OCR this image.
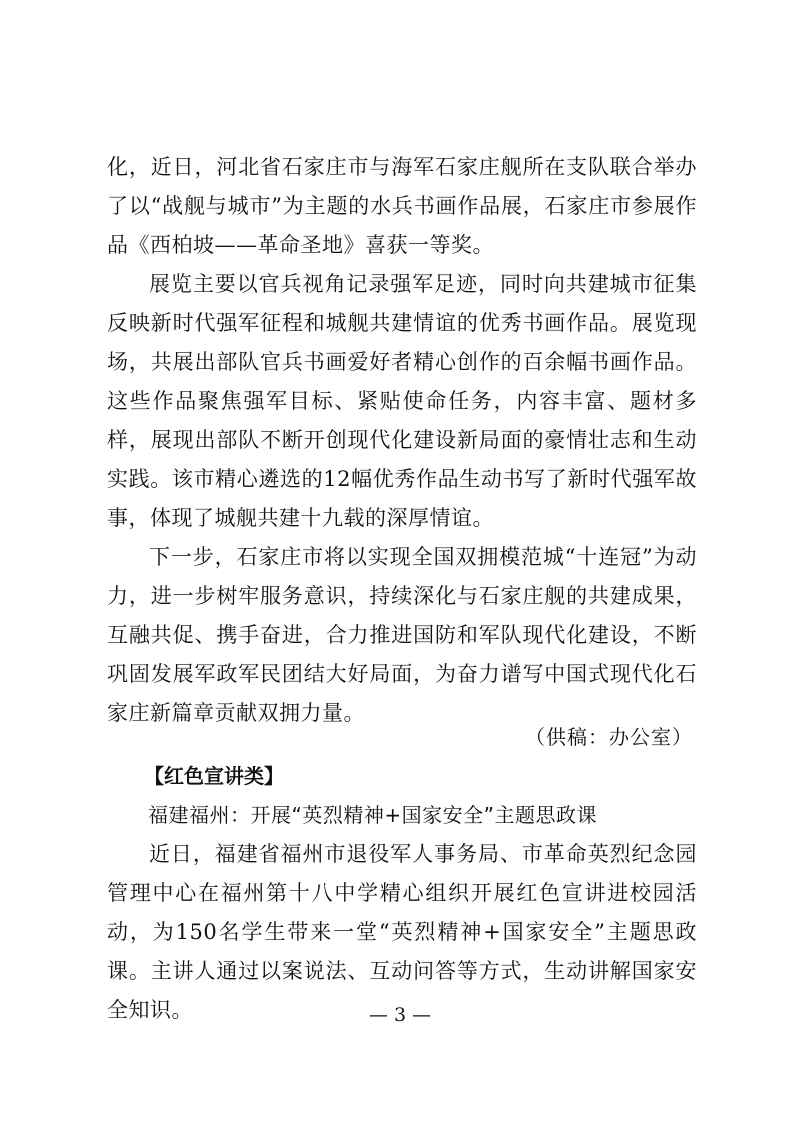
化，近日，河北省石家庄市与海军石家庄舰所在支队联合举办了以“战舰与城市”为主题的水兵书画作品展，石家庄市参展作品《西柏坡——革命圣地》喜获一等奖。
展览主要以官兵视角记录强军足迹，同时向共建城市征集反映新时代强军征程和城舰共建情谊的优秀书画作品。展览现场，共展出部队官兵书画爱好者精心创作的百余幅书画作品。这些作品聚焦强军目标、紧贴使命任务，内容丰富、题材多样，展现出部队不断开创现代化建设新局面的豪情壮志和生动实践。该市精心遴选的12幅优秀作品生动书写了新时代强军故事，体现了城舰共建十九载的深厚情谊。
下一步，石家庄市将以实现全国双拥模范城“十连冠”为动力，进一步树牢服务意识，持续深化与石家庄舰的共建成果，互融共促、携手奋进，合力推进国防和军队现代化建设，不断巩固发展军政军民团结大好局面，为奋力谱写中国式现代化石家庄新篇章贡献双拥力量。
（供稿：办公室）
【红色宣讲类】
福建福州：开展“英烈精神+国家安全”主题思政课
近日，福建省福州市退役军人事务局、市革命英烈纪念园管理中心在福州第十八中学精心组织开展红色宣讲进校园活动，为150名学生带来一堂“英烈精神+国家安全”主题思政课。主讲人通过以案说法、互动问答等方式，生动讲解国家安全知识。	— 3 —
